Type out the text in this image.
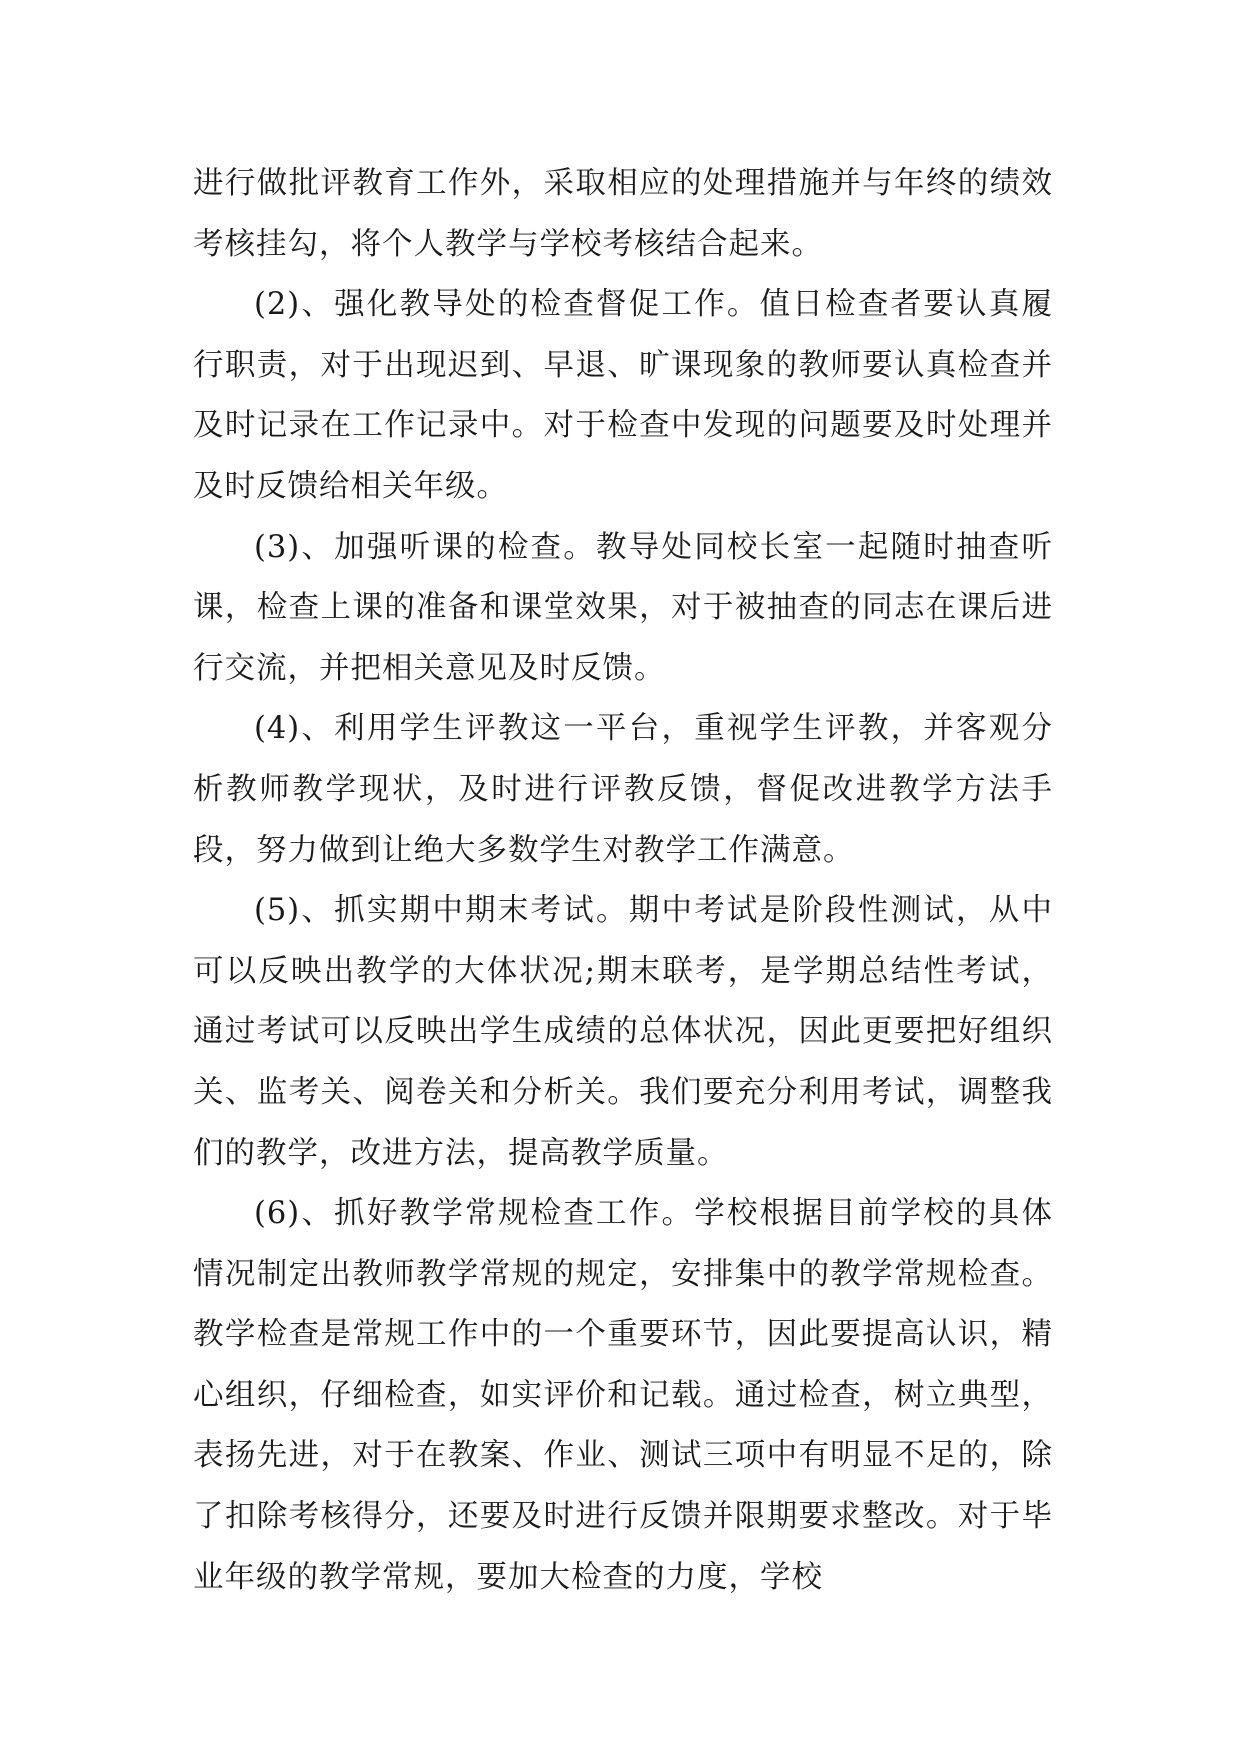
进行做批评教育工作外，采取相应的处理措施并与年终的绩效考核挂勾，将个人教学与学校考核结合起来。

(2)、强化教导处的检查督促工作。值日检查者要认真履行职责，对于出现迟到、早退、旷课现象的教师要认真检查并及时记录在工作记录中。对于检查中发现的问题要及时处理并及时反馈给相关年级。

(3)、加强听课的检查。教导处同校长室一起随时抽查听课，检查上课的准备和课堂效果，对于被抽查的同志在课后进行交流，并把相关意见及时反馈。

(4)、利用学生评教这一平台，重视学生评教，并客观分析教师教学现状，及时进行评教反馈，督促改进教学方法手段，努力做到让绝大多数学生对教学工作满意。

(5)、抓实期中期末考试。期中考试是阶段性测试，从中可以反映出教学的大体状况;期末联考，是学期总结性考试，通过考试可以反映出学生成绩的总体状况，因此更要把好组织关、监考关、阅卷关和分析关。我们要充分利用考试，调整我们的教学，改进方法，提高教学质量。

(6)、抓好教学常规检查工作。学校根据目前学校的具体情况制定出教师教学常规的规定，安排集中的教学常规检查。教学检查是常规工作中的一个重要环节，因此要提高认识，精心组织，仔细检查，如实评价和记载。通过检查，树立典型，表扬先进，对于在教案、作业、测试三项中有明显不足的，除了扣除考核得分，还要及时进行反馈并限期要求整改。对于毕业年级的教学常规，要加大检查的力度，学校
